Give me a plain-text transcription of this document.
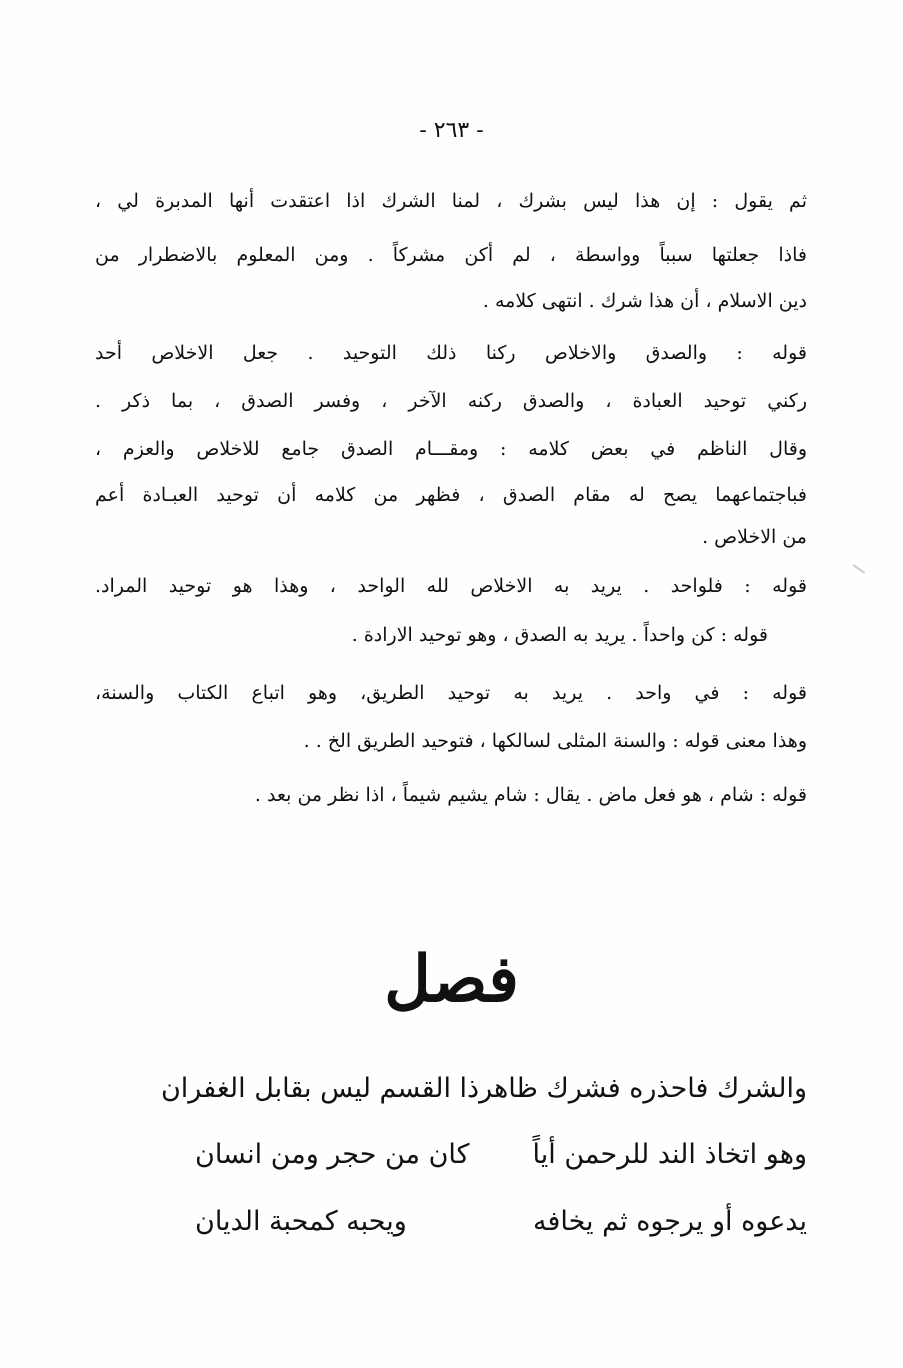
- ٢٦٣ -
ثم يقول : إن هذا ليس بشرك ، لمنا الشرك اذا اعتقدت أنها المدبرة لي ،
فاذا جعلتها سبباً وواسطة ، لم أكن مشركاً . ومن المعلوم بالاضطرار من
دين الاسلام ، أن هذا شرك . انتهى كلامه .
قوله : والصدق والاخلاص ركنا ذلك التوحيد . جعل الاخلاص أحد
ركني توحيد العبادة ، والصدق ركنه الآخر ، وفسر الصدق ، بما ذكر .
وقال الناظم في بعض كلامه : ومقـــام الصدق جامع للاخلاص والعزم ،
فباجتماعهما يصح له مقام الصدق ، فظهر من كلامه أن توحيد العبـادة أعم
من الاخلاص .
قوله : فلواحد . يريد به الاخلاص لله الواحد ، وهذا هو توحيد المراد.
قوله : كن واحداً . يريد به الصدق ، وهو توحيد الارادة .
قوله : في واحد . يريد به توحيد الطريق، وهو اتباع الكتاب والسنة،
وهذا معنى قوله : والسنة المثلى لسالكها ، فتوحيد الطريق الخ . .
قوله : شام ، هو فعل ماض . يقال : شام يشيم شيماً ، اذا نظر من بعد .
فصل
والشرك فاحذره فشرك ظاهر
ذا القسم ليس بقابل الغفران
وهو اتخاذ الند للرحمن أياً
كان من حجر ومن انسان
يدعوه أو يرجوه ثم يخافه
ويحبه كمحبة الديان
